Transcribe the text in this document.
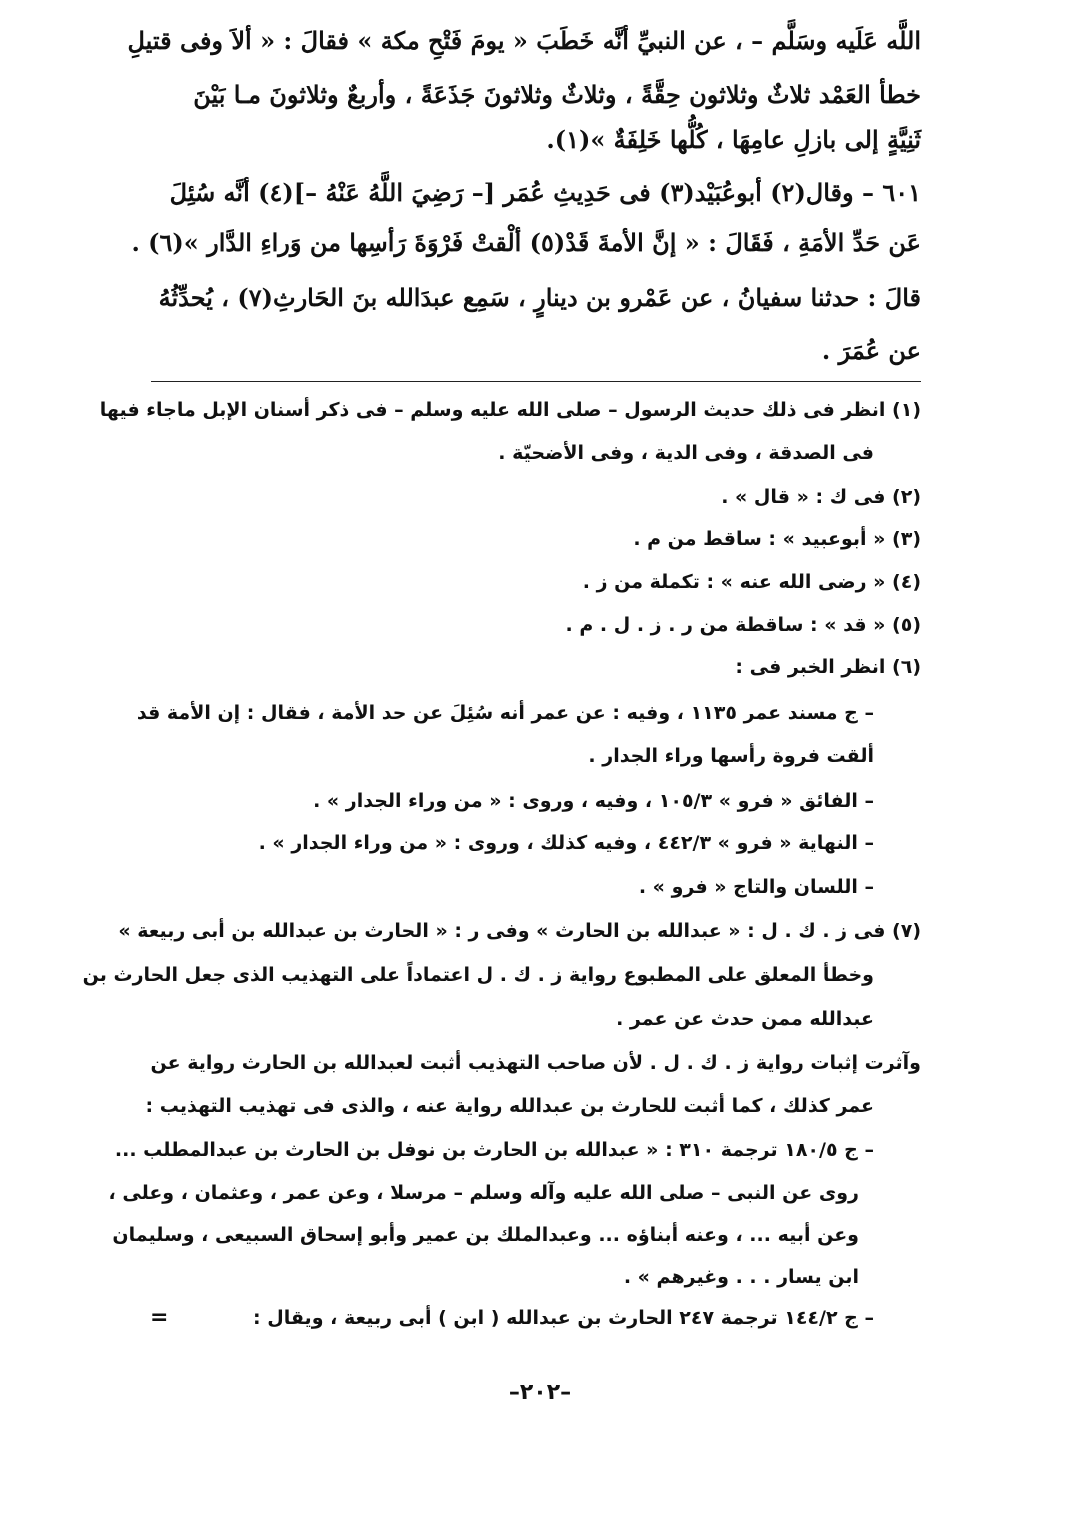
اللَّه عَلَيه وسَلَّم – ، عن النبيِّ أنَّه خَطَبَ « يومَ فَتْحِ مكة » فقالَ : « ألاَ وفى قتيلِ
خطأ العَمْد ثلاثٌ وثلاثون حِقَّةً ، وثلاثٌ وثلاثونَ جَذَعَةً ، وأربعٌ وثلاثونَ مـا بَيْنَ
ثَنِيَّةٍ إلى بازلِ عامِهَا ، كُلُّها خَلِفَةٌ »(١).
٦٠١ – وقال(٢) أبوعُبَيْد(٣) فى حَدِيثِ عُمَر [– رَضِيَ اللَّهُ عَنْهُ –](٤) أنَّه سُئِلَ
عَن حَدِّ الأمَةِ ، فَقَالَ : « إنَّ الأمةَ قَدْ(٥) ألْقتْ فَرْوَةَ رَأسِها من وَراءِ الدَّار »(٦) .
قالَ : حدثنا سفيانُ ، عن عَمْرو بن دينارٍ ، سَمِع عبدَالله بنَ الحَارثِ(٧) ، يُحدِّثُهُ
عن عُمَرَ .
(١) انظر فى ذلك حديث الرسول – صلى الله عليه وسلم – فى ذكر أسنان الإبل ماجاء فيها
فى الصدقة ، وفى الدية ، وفى الأضحيّة .
(٢) فى ك : « قال » .
(٣) « أبوعبيد » : ساقط من م .
(٤) « رضى الله عنه » : تكملة من ز .
(٥) « قد » : ساقطة من ر . ز . ل . م .
(٦) انظر الخبر فى :
– ج مسند عمر ١١٣٥ ، وفيه : عن عمر أنه سُئِلَ عن حد الأمة ، فقال : إن الأمة قد
ألقت فروة رأسها وراء الجدار .
– الفائق « فرو » ١٠٥/٣ ، وفيه ، وروى : « من وراء الجدار » .
– النهاية « فرو » ٤٤٢/٣ ، وفيه كذلك ، وروى : « من وراء الجدار » .
– اللسان والتاج « فرو » .
(٧) فى ز . ك . ل : « عبدالله بن الحارث » وفى ر : « الحارث بن عبدالله بن أبى ربيعة »
وخطأ المعلق على المطبوع رواية ز . ك . ل اعتماداً على التهذيب الذى جعل الحارث بن
عبدالله ممن حدث عن عمر .
وآثرت إثبات رواية ز . ك . ل . لأن صاحب التهذيب أثبت لعبدالله بن الحارث رواية عن
عمر كذلك ، كما أثبت للحارث بن عبدالله رواية عنه ، والذى فى تهذيب التهذيب :
– ج ١٨٠/٥ ترجمة ٣١٠ : « عبدالله بن الحارث بن نوفل بن الحارث بن عبدالمطلب ...
روى عن النبى – صلى الله عليه وآله وسلم – مرسلا ، وعن عمر ، وعثمان ، وعلى ،
وعن أبيه ... ، وعنه أبناؤه ... وعبدالملك بن عمير وأبو إسحاق السبيعى ، وسليمان
ابن يسار . . . وغيرهم » .
– ج ١٤٤/٢ ترجمة ٢٤٧ الحارث بن عبدالله ( ابن ) أبى ربيعة ، ويقال :
=
–٢٠٢–
